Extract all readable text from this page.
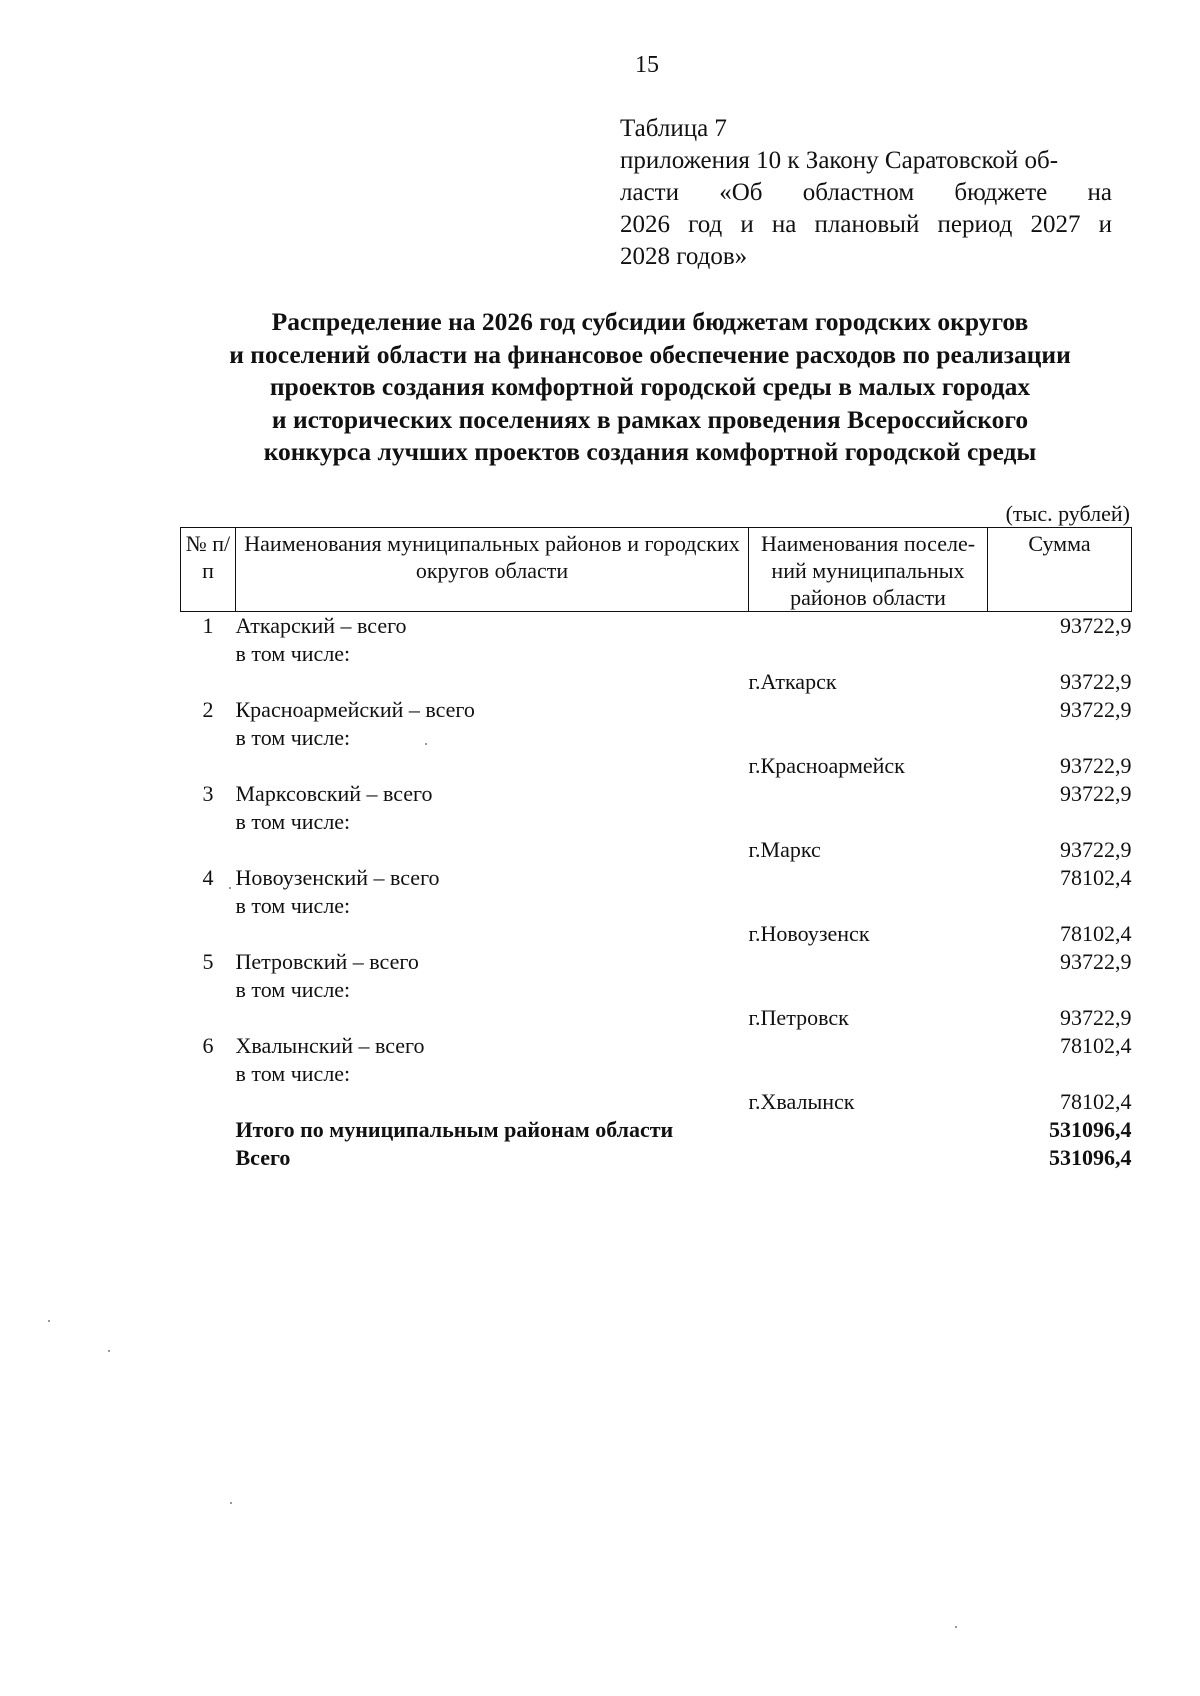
15
Таблица 7
приложения 10 к Закону Саратовской об-
ласти «Об областном бюджете на
2026 год и на плановый период 2027 и
2028 годов»
Распределение на 2026 год субсидии бюджетам городских округов
и поселений области на финансовое обеспечение расходов по реализации
проектов создания комфортной городской среды в малых городах
и исторических поселениях в рамках проведения Всероссийского
конкурса лучших проектов создания комфортной городской среды
(тыс. рублей)
№ п/п	Наименования муниципальных районов и городских округов области	Наименования поселе-ний муниципальных районов области	Сумма
1	Аткарский – всего		93722,9
	в том числе:		
		г.Аткарск	93722,9
2	Красноармейский – всего		93722,9
	в том числе:		
		г.Красноармейск	93722,9
3	Марксовский – всего		93722,9
	в том числе:		
		г.Маркс	93722,9
4	Новоузенский – всего		78102,4
	в том числе:		
		г.Новоузенск	78102,4
5	Петровский – всего		93722,9
	в том числе:		
		г.Петровск	93722,9
6	Хвалынский – всего		78102,4
	в том числе:		
		г.Хвалынск	78102,4
	Итого по муниципальным районам области		531096,4
	Всего		531096,4
